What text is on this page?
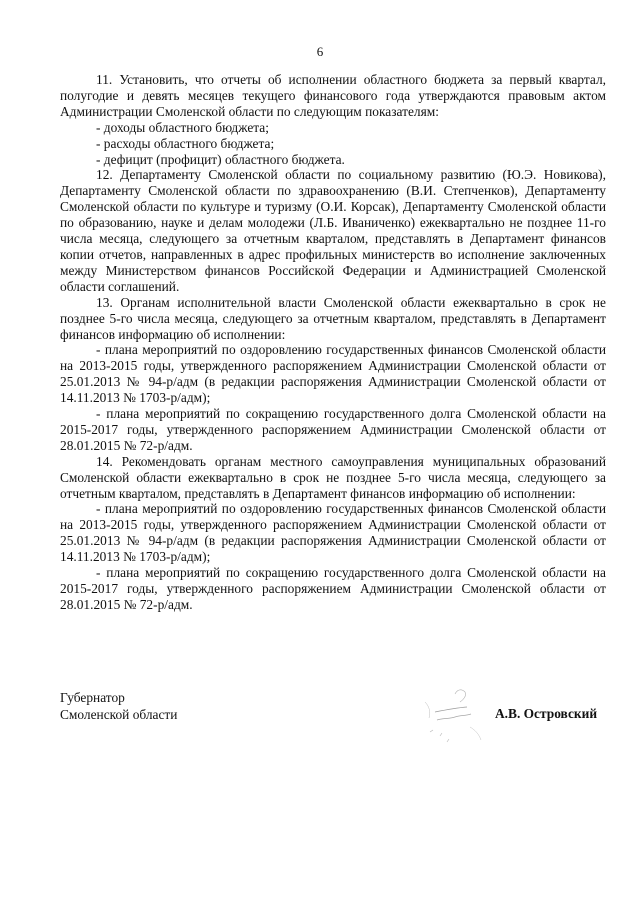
6

11. Установить, что отчеты об исполнении областного бюджета за первый квартал, полугодие и девять месяцев текущего финансового года утверждаются правовым актом Администрации Смоленской области по следующим показателям:

- доходы областного бюджета;

- расходы областного бюджета;

- дефицит (профицит) областного бюджета.

12. Департаменту Смоленской области по социальному развитию (Ю.Э. Новикова), Департаменту Смоленской области по здравоохранению (В.И. Степченков), Департаменту Смоленской области по культуре и туризму (О.И. Корсак), Департаменту Смоленской области по образованию, науке и делам молодежи (Л.Б. Иваниченко) ежеквартально не позднее 11-го числа месяца, следующего за отчетным кварталом, представлять в Департамент финансов копии отчетов, направленных в адрес профильных министерств во исполнение заключенных между Министерством финансов Российской Федерации и Администрацией Смоленской области соглашений.

13. Органам исполнительной власти Смоленской области ежеквартально в срок не позднее 5-го числа месяца, следующего за отчетным кварталом, представлять в Департамент финансов информацию об исполнении:

- плана мероприятий по оздоровлению государственных финансов Смоленской области на 2013-2015 годы, утвержденного распоряжением Администрации Смоленской области от 25.01.2013 № 94-р/адм (в редакции распоряжения Администрации Смоленской области от 14.11.2013 № 1703-р/адм);

- плана мероприятий по сокращению государственного долга Смоленской области на 2015-2017 годы, утвержденного распоряжением Администрации Смоленской области от 28.01.2015 № 72-р/адм.

14. Рекомендовать органам местного самоуправления муниципальных образований Смоленской области ежеквартально в срок не позднее 5-го числа месяца, следующего за отчетным кварталом, представлять в Департамент финансов информацию об исполнении:

- плана мероприятий по оздоровлению государственных финансов Смоленской области на 2013-2015 годы, утвержденного распоряжением Администрации Смоленской области от 25.01.2013 № 94-р/адм (в редакции распоряжения Администрации Смоленской области от 14.11.2013 № 1703-р/адм);

- плана мероприятий по сокращению государственного долга Смоленской области на 2015-2017 годы, утвержденного распоряжением Администрации Смоленской области от 28.01.2015 № 72-р/адм.

Губернатор
Смоленской области	А.В. Островский
